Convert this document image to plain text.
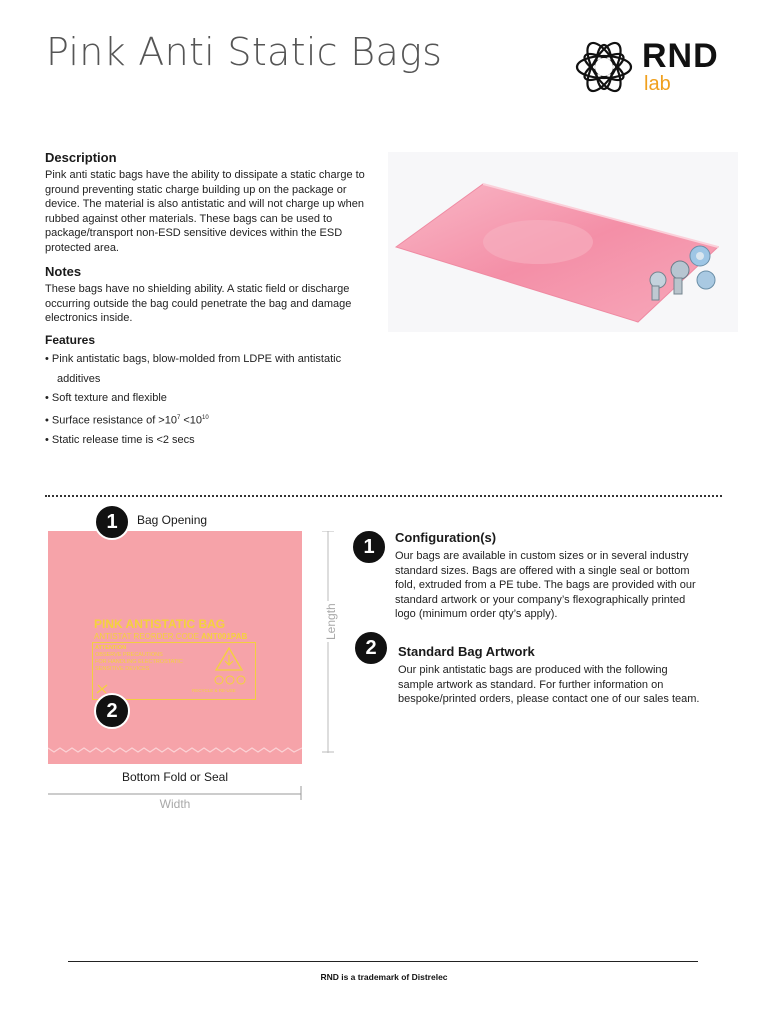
Pink Anti Static Bags	RND
lab
Description

Pink anti static bags have the ability to dissipate a static charge to
ground preventing static charge building up on the package or
device. The material is also antistatic and will not charge up when
rubbed against other materials. These bags can be used to
package/transport non-ESD sensitive devices within the ESD
protected area.

Notes

These bags have no shielding ability. A static field or discharge
occurring outside the bag could penetrate the bag and damage
electronics inside.

Features
• Pink antistatic bags, blow-molded from LDPE with antistatic
additives
• Soft texture and flexible
• Surface resistance of $>10^7 <10^{10}$
• Static release time is <2 secs
PINK ANTISTATIC BAG
ANTISTAT REORDER CODE ANT001PAB
ATTENTION
OBSERVE PRECAUTIONS
FOR HANDLING ELECTROSTATIC
SENSITIVE DEVICES
RECYCLE & RE-USE
1	Bag Opening
2
Length
Bottom Fold or Seal
Width
1	Configuration(s)

Our bags are available in custom sizes or in several industry
standard sizes. Bags are offered with a single seal or bottom
fold, extruded from a PE tube. The bags are provided with our
standard artwork or your company’s flexographically printed
logo (minimum order qty’s apply).

2	Standard Bag Artwork

Our pink antistatic bags are produced with the following
sample artwork as standard. For further information on
bespoke/printed orders, please contact one of our sales team.

RND is a trademark of Distrelec
